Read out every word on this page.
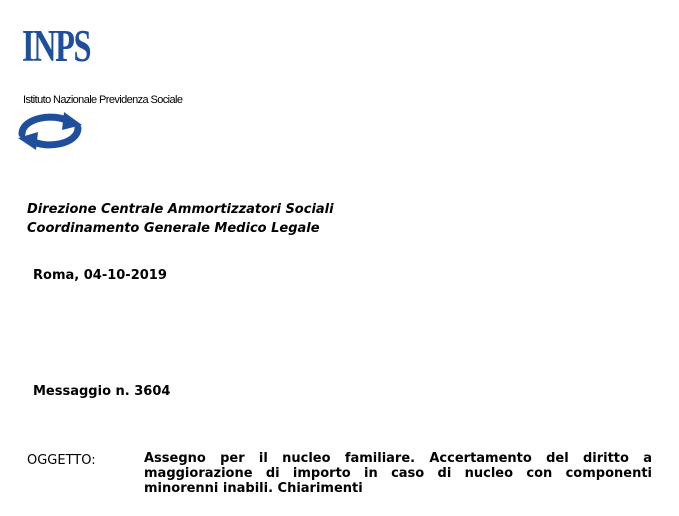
INPS
Istituto Nazionale Previdenza Sociale
Direzione Centrale Ammortizzatori Sociali
Coordinamento Generale Medico Legale
Roma, 04-10-2019
Messaggio n. 3604
OGGETTO:	Assegno per il nucleo familiare. Accertamento del diritto a maggiorazione di importo in caso di nucleo con componenti minorenni inabili. Chiarimenti
